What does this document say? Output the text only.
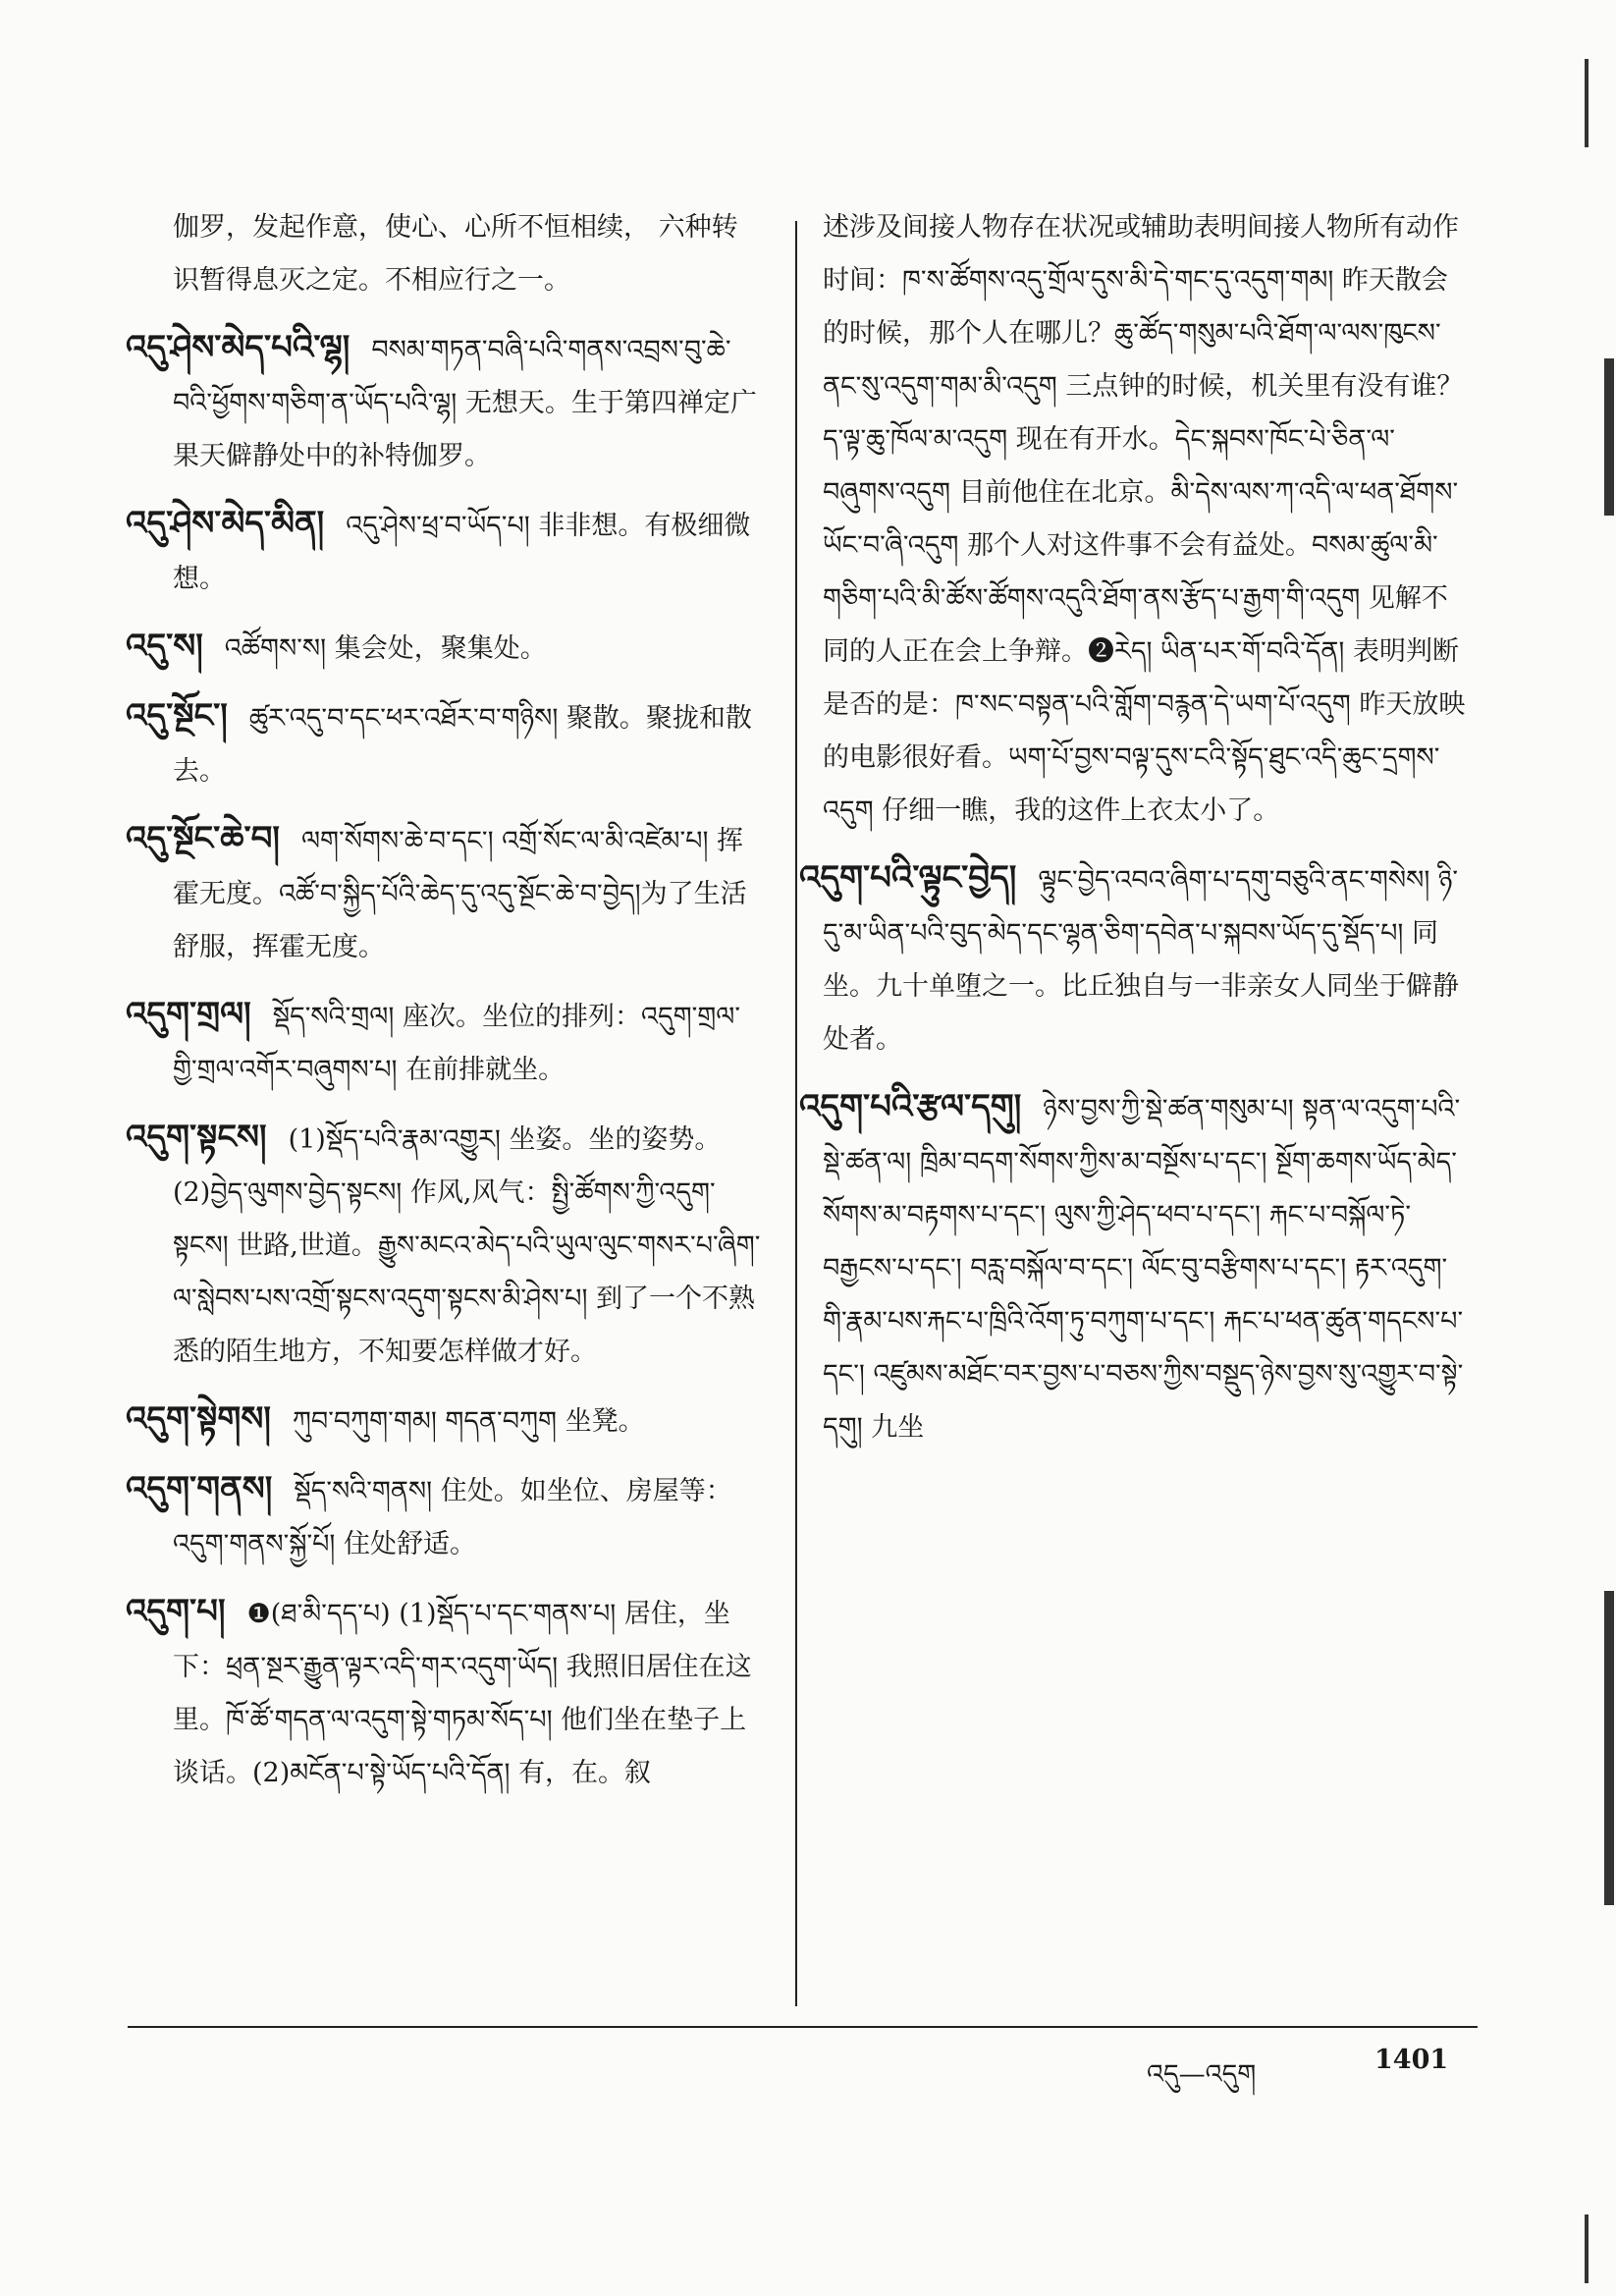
伽罗，发起作意，使心、心所不恒相续， 六种转识暂得息灭之定。不相应行之一。
འདུ་ཤེས་མེད་པའི་ལྷ། བསམ་གཏན་བཞི་པའི་གནས་འབྲས་བུ་ཆེ་བའི་ཕྱོགས་གཅིག་ན་ཡོད་པའི་ལྷ། 无想天。生于第四禅定广果天僻静处中的补特伽罗。
འདུ་ཤེས་མེད་མིན། འདུ་ཤེས་ཕྲ་བ་ཡོད་པ། 非非想。有极细微想。
འདུ་ས། འཚོགས་ས། 集会处，聚集处。
འདུ་སྔོང་། ཚུར་འདུ་བ་དང་ཕར་འཐོར་བ་གཉིས། 聚散。聚拢和散去。
འདུ་སྔོང་ཆེ་བ། ལག་སོགས་ཆེ་བ་དང་། འགྲོ་སོང་ལ་མི་འཛེམ་པ། 挥霍无度。འཚོ་བ་སྐྱིད་པོའི་ཆེད་དུ་འདུ་སྔོང་ཆེ་བ་བྱེད།为了生活舒服，挥霍无度。
འདུག་གྲལ། སྡོད་སའི་གྲལ། 座次。坐位的排列：འདུག་གྲལ་གྱི་གྲལ་འགོར་བཞུགས་པ། 在前排就坐。
འདུག་སྟངས། (1)སྡོད་པའི་རྣམ་འགྱུར། 坐姿。坐的姿势。(2)བྱེད་ལུགས་བྱེད་སྟངས། 作风,风气：སྤྱི་ཚོགས་ཀྱི་འདུག་སྟངས། 世路,世道。རྒྱུས་མངའ་མེད་པའི་ཡུལ་ལུང་གསར་པ་ཞིག་ལ་སླེབས་པས་འགྲོ་སྟངས་འདུག་སྟངས་མི་ཤེས་པ། 到了一个不熟悉的陌生地方，不知要怎样做才好。
འདུག་སྟེགས། ཀུབ་བཀུག་གམ། གདན་བཀུག 坐凳。
འདུག་གནས། སྡོད་སའི་གནས། 住处。如坐位、房屋等：འདུག་གནས་སྐྱོ་པོ། 住处舒适。
འདུག་པ། ❶(ཐ་མི་དད་པ) (1)སྡོད་པ་དང་གནས་པ། 居住，坐下：ཕྲན་སྔར་རྒྱུན་ལྟར་འདི་གར་འདུག་ཡོད། 我照旧居住在这里。ཁོ་ཚོ་གདན་ལ་འདུག་སྟེ་གཏམ་སོད་པ། 他们坐在垫子上谈话。(2)མངོན་པ་སྟེ་ཡོད་པའི་དོན། 有，在。叙
述涉及间接人物存在状况或辅助表明间接人物所有动作时间：ཁ་ས་ཚོགས་འདུ་གྲོལ་དུས་མི་དེ་གང་དུ་འདུག་གམ། 昨天散会的时候，那个人在哪儿？ཆུ་ཚོད་གསུམ་པའི་ཐོག་ལ་ལས་ཁུངས་ནང་སུ་འདུག་གམ་མི་འདུག 三点钟的时候，机关里有没有谁？ད་ལྟ་ཆུ་ཁོལ་མ་འདུག 现在有开水。དེང་སྐབས་ཁོང་པེ་ཅིན་ལ་བཞུགས་འདུག 目前他住在北京。མི་དེས་ལས་ཀ་འདི་ལ་ཕན་ཐོགས་ཡོང་བ་ཞི་འདུག 那个人对这件事不会有益处。བསམ་ཚུལ་མི་གཅིག་པའི་མི་ཚོས་ཚོགས་འདུའི་ཐོག་ནས་རྩོད་པ་རྒྱག་གི་འདུག 见解不同的人正在会上争辩。❷རེད། ཡིན་པར་གོ་བའི་དོན། 表明判断是否的是：ཁ་སང་བསྟན་པའི་གློག་བརྙན་དེ་ཡག་པོ་འདུག 昨天放映的电影很好看。ཡག་པོ་བྱས་བལྟ་དུས་ངའི་སྟོད་ཐུང་འདི་ཆུང་དྲགས་འདུག 仔细一瞧，我的这件上衣太小了。
འདུག་པའི་ལྟུང་བྱེད། ལྟུང་བྱེད་འབའ་ཞིག་པ་དགུ་བཅུའི་ནང་གསེས། ཉི་དུ་མ་ཡིན་པའི་བུད་མེད་དང་ལྷན་ཅིག་དབེན་པ་སྐབས་ཡོད་དུ་སྡོད་པ། 同坐。九十单堕之一。比丘独自与一非亲女人同坐于僻静处者。
འདུག་པའི་རྩལ་དགུ། ཉེས་བྱས་ཀྱི་སྡེ་ཚན་གསུམ་པ། སྟན་ལ་འདུག་པའི་སྡེ་ཚན་ལ། ཁྲིམ་བདག་སོགས་ཀྱིས་མ་བསྔོས་པ་དང་། སྔོག་ཆགས་ཡོད་མེད་སོགས་མ་བརྟགས་པ་དང་། ལུས་ཀྱི་ཤེད་ཕབ་པ་དང་། རྐང་པ་བསྐོལ་ཏེ་བརྒྱངས་པ་དང་། བརླ་བསྐོལ་བ་དང་། ལོང་བུ་བརྩིགས་པ་དང་། རྟར་འདུག་གི་རྣམ་པས་རྐང་པ་ཁྲིའི་འོག་ཏུ་བཀུག་པ་དང་། རྐང་པ་ཕན་ཚུན་གདངས་པ་དང་། འཛུམས་མཐོང་བར་བྱས་པ་བཅས་ཀྱིས་བསྡུད་ཉེས་བྱས་སུ་འགྱུར་བ་སྟེ་དགུ། 九坐
འདུ—འདུག	1401
